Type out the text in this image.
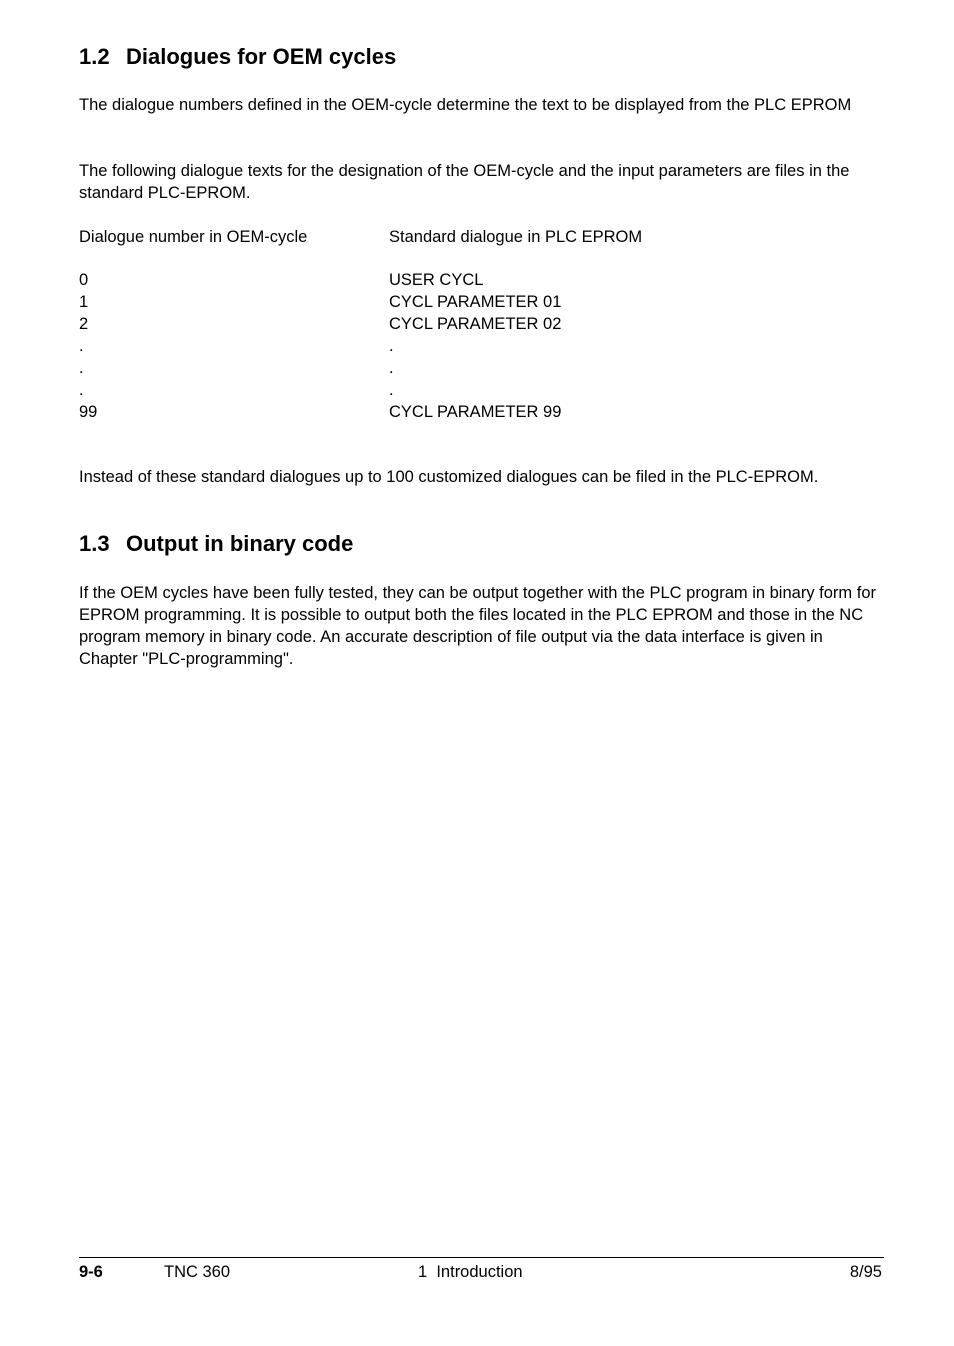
1.2 Dialogues for OEM cycles

The dialogue numbers defined in the OEM-cycle determine the text to be displayed from the PLC EPROM

The following dialogue texts for the designation of the OEM-cycle and the input parameters are files in the standard PLC-EPROM.

Dialogue number in OEM-cycle	Standard dialogue in PLC EPROM
0	USER CYCL
1	CYCL PARAMETER 01
2	CYCL PARAMETER 02
.	.
.	.
.	.
99	CYCL PARAMETER 99

Instead of these standard dialogues up to 100 customized dialogues can be filed in the PLC-EPROM.

1.3 Output in binary code

If the OEM cycles have been fully tested, they can be output together with the PLC program in binary form for EPROM programming. It is possible to output both the files located in the PLC EPROM and those in the NC program memory in binary code. An accurate description of file output via the data interface is given in Chapter "PLC-programming".

9-6	TNC 360	1  Introduction	8/95
